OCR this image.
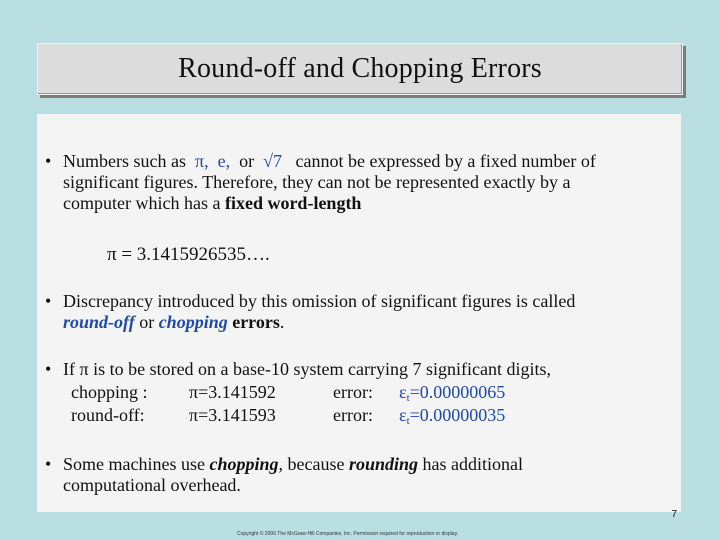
Round-off and Chopping Errors
• Numbers such as  π, e, or √7 cannot be expressed by a fixed number of
significant figures. Therefore, they can not be represented exactly by a
computer which has a fixed word-length
π = 3.1415926535….
• Discrepancy introduced by this omission of significant figures is called
round-off or chopping errors.
• If π is to be stored on a base-10 system carrying 7 significant digits,
chopping : π=3.141592	error: $\varepsilon_t=0.00000065$
round-off: π=3.141593	error: $\varepsilon_t=0.00000035$
• Some machines use chopping, because rounding has additional
computational overhead.
7
Copyright © 2006 The McGraw-Hill Companies, Inc. Permission required for reproduction or display.
